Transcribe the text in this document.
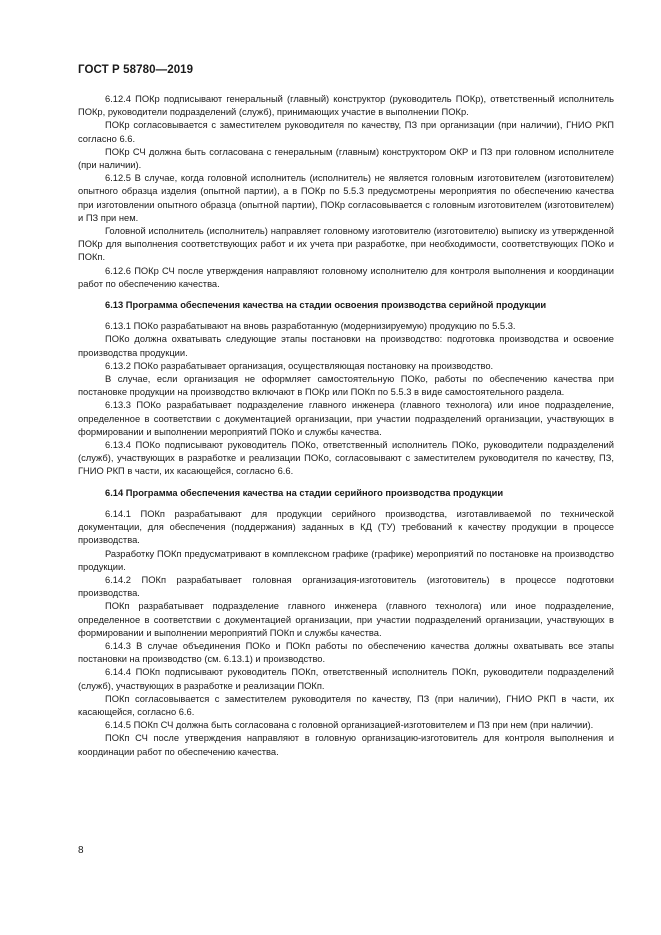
ГОСТ Р 58780—2019

6.12.4 ПОКр подписывают генеральный (главный) конструктор (руководитель ПОКр), ответственный исполнитель ПОКр, руководители подразделений (служб), принимающих участие в выполнении ПОКр.

ПОКр согласовывается с заместителем руководителя по качеству, ПЗ при организации (при наличии), ГНИО РКП согласно 6.6.

ПОКр СЧ должна быть согласована с генеральным (главным) конструктором ОКР и ПЗ при головном исполнителе (при наличии).

6.12.5 В случае, когда головной исполнитель (исполнитель) не является головным изготовителем (изготовителем) опытного образца изделия (опытной партии), а в ПОКр по 5.5.3 предусмотрены мероприятия по обеспечению качества при изготовлении опытного образца (опытной партии), ПОКр согласовывается с головным изготовителем (изготовителем) и ПЗ при нем.

Головной исполнитель (исполнитель) направляет головному изготовителю (изготовителю) выписку из утвержденной ПОКр для выполнения соответствующих работ и их учета при разработке, при необходимости, соответствующих ПОКо и ПОКп.

6.12.6 ПОКр СЧ после утверждения направляют головному исполнителю для контроля выполнения и координации работ по обеспечению качества.

6.13 Программа обеспечения качества на стадии освоения производства серийной продукции

6.13.1 ПОКо разрабатывают на вновь разработанную (модернизируемую) продукцию по 5.5.3.

ПОКо должна охватывать следующие этапы постановки на производство: подготовка производства и освоение производства продукции.

6.13.2 ПОКо разрабатывает организация, осуществляющая постановку на производство.

В случае, если организация не оформляет самостоятельную ПОКо, работы по обеспечению качества при постановке продукции на производство включают в ПОКр или ПОКп по 5.5.3 в виде самостоятельного раздела.

6.13.3 ПОКо разрабатывает подразделение главного инженера (главного технолога) или иное подразделение, определенное в соответствии с документацией организации, при участии подразделений организации, участвующих в формировании и выполнении мероприятий ПОКо и службы качества.

6.13.4 ПОКо подписывают руководитель ПОКо, ответственный исполнитель ПОКо, руководители подразделений (служб), участвующих в разработке и реализации ПОКо, согласовывают с заместителем руководителя по качеству, ПЗ, ГНИО РКП в части, их касающейся, согласно 6.6.

6.14 Программа обеспечения качества на стадии серийного производства продукции

6.14.1 ПОКп разрабатывают для продукции серийного производства, изготавливаемой по технической документации, для обеспечения (поддержания) заданных в КД (ТУ) требований к качеству продукции в процессе производства.

Разработку ПОКп предусматривают в комплексном графике (графике) мероприятий по постановке на производство продукции.

6.14.2 ПОКп разрабатывает головная организация-изготовитель (изготовитель) в процессе подготовки производства.

ПОКп разрабатывает подразделение главного инженера (главного технолога) или иное подразделение, определенное в соответствии с документацией организации, при участии подразделений организации, участвующих в формировании и выполнении мероприятий ПОКп и службы качества.

6.14.3 В случае объединения ПОКо и ПОКп работы по обеспечению качества должны охватывать все этапы постановки на производство (см. 6.13.1) и производство.

6.14.4 ПОКп подписывают руководитель ПОКп, ответственный исполнитель ПОКп, руководители подразделений (служб), участвующих в разработке и реализации ПОКп.

ПОКп согласовывается с заместителем руководителя по качеству, ПЗ (при наличии), ГНИО РКП в части, их касающейся, согласно 6.6.

6.14.5 ПОКп СЧ должна быть согласована с головной организацией-изготовителем и ПЗ при нем (при наличии).

ПОКп СЧ после утверждения направляют в головную организацию-изготовитель для контроля выполнения и координации работ по обеспечению качества.

8
